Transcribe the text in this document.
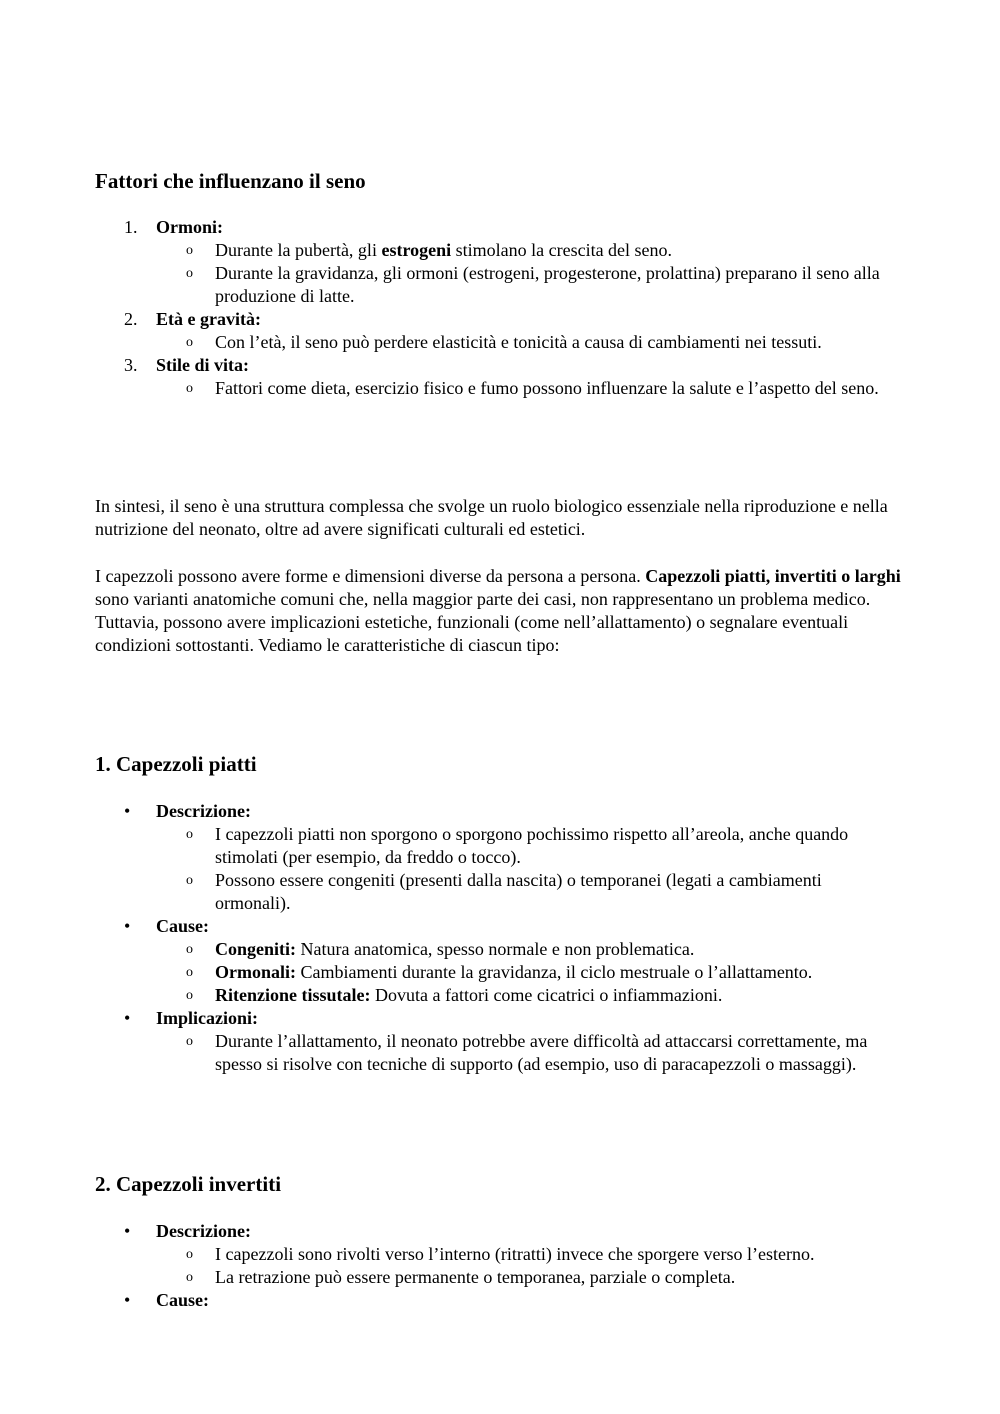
Fattori che influenzano il seno
1.	Ormoni:
o Durante la pubertà, gli estrogeni stimolano la crescita del seno.
o Durante la gravidanza, gli ormoni (estrogeni, progesterone, prolattina) preparano il seno alla produzione di latte.
2.	Età e gravità:
o Con l’età, il seno può perdere elasticità e tonicità a causa di cambiamenti nei tessuti.
3.	Stile di vita:
o Fattori come dieta, esercizio fisico e fumo possono influenzare la salute e l’aspetto del seno.

In sintesi, il seno è una struttura complessa che svolge un ruolo biologico essenziale nella riproduzione e nella nutrizione del neonato, oltre ad avere significati culturali ed estetici.

I capezzoli possono avere forme e dimensioni diverse da persona a persona. Capezzoli piatti, invertiti o larghi sono varianti anatomiche comuni che, nella maggior parte dei casi, non rappresentano un problema medico. Tuttavia, possono avere implicazioni estetiche, funzionali (come nell’allattamento) o segnalare eventuali condizioni sottostanti. Vediamo le caratteristiche di ciascun tipo:

1. Capezzoli piatti
•	Descrizione:
o I capezzoli piatti non sporgono o sporgono pochissimo rispetto all’areola, anche quando stimolati (per esempio, da freddo o tocco).
o Possono essere congeniti (presenti dalla nascita) o temporanei (legati a cambiamenti ormonali).
•	Cause:
o Congeniti: Natura anatomica, spesso normale e non problematica.
o Ormonali: Cambiamenti durante la gravidanza, il ciclo mestruale o l’allattamento.
o Ritenzione tissutale: Dovuta a fattori come cicatrici o infiammazioni.
•	Implicazioni:
o Durante l’allattamento, il neonato potrebbe avere difficoltà ad attaccarsi correttamente, ma spesso si risolve con tecniche di supporto (ad esempio, uso di paracapezzoli o massaggi).
2. Capezzoli invertiti
•	Descrizione:
o I capezzoli sono rivolti verso l’interno (ritratti) invece che sporgere verso l’esterno.
o La retrazione può essere permanente o temporanea, parziale o completa.
•	Cause:
